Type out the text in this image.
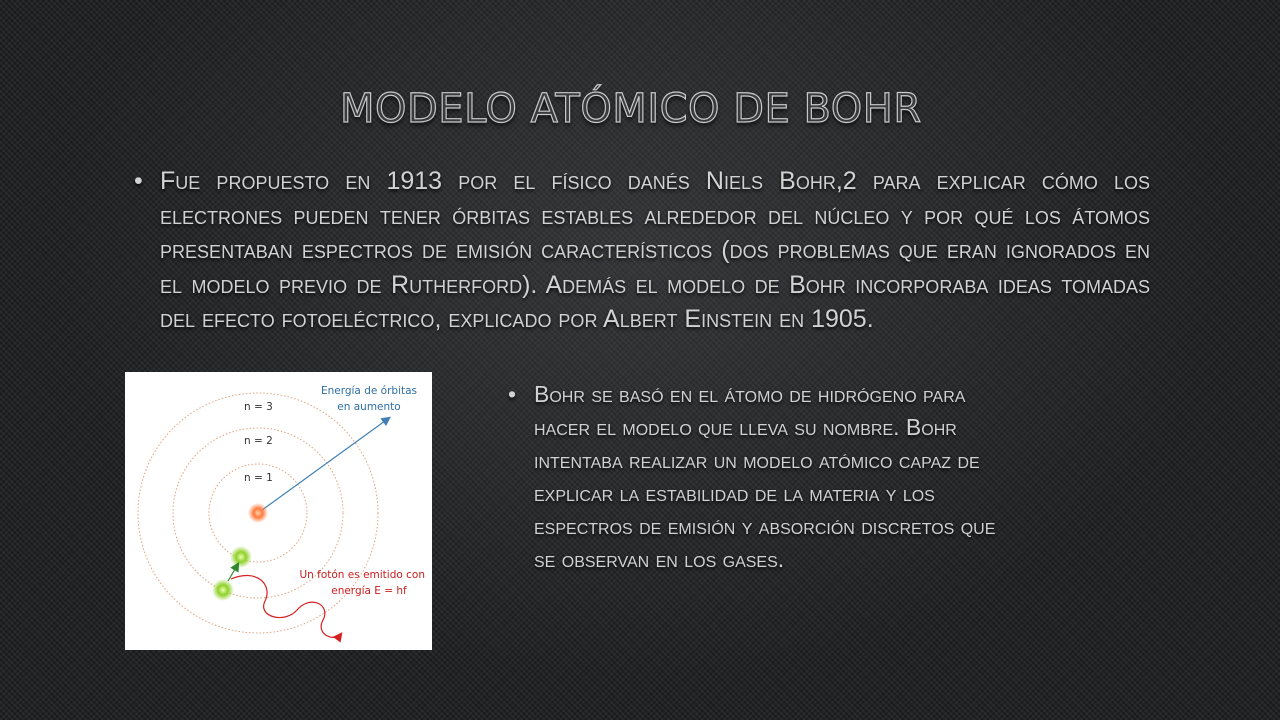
MODELO ATÓMICO DE BOHR
• Fue propuesto en 1913 por el físico danés Niels Bohr,2 para explicar cómo los electrones pueden tener órbitas estables alrededor del núcleo y por qué los átomos presentaban espectros de emisión característicos (dos problemas que eran ignorados en el modelo previo de Rutherford). Además el modelo de Bohr incorporaba ideas tomadas del efecto fotoeléctrico, explicado por Albert Einstein en 1905.
• Bohr se basó en el átomo de hidrógeno para hacer el modelo que lleva su nombre. Bohr intentaba realizar un modelo atómico capaz de explicar la estabilidad de la materia y los espectros de emisión y absorción discretos que se observan en los gases.
n = 3
n = 2
n = 1
Energía de órbitas
en aumento
Un fotón es emitido con
energía E = hf
